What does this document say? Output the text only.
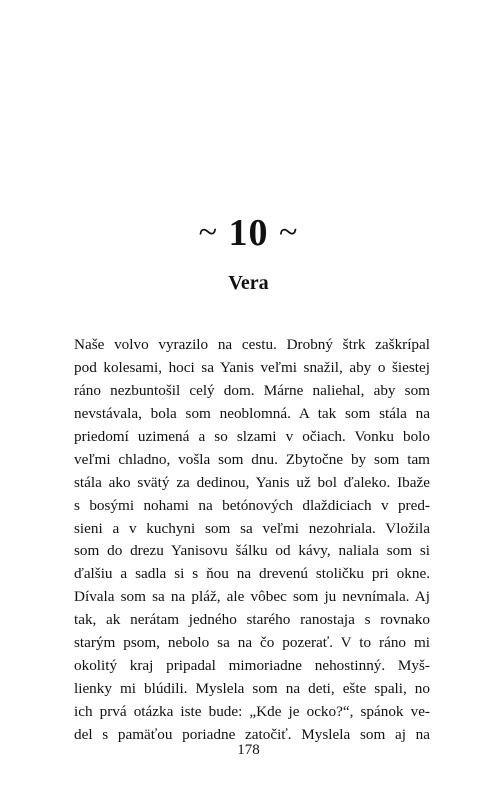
~ 10 ~
Vera
Naše volvo vyrazilo na cestu. Drobný štrk zaškrípal
pod kolesami, hoci sa Yanis veľmi snažil, aby o šiestej
ráno nezbuntošil celý dom. Márne naliehal, aby som
nevstávala, bola som neoblomná. A tak som stála na
priedomí uzimená a so slzami v očiach. Vonku bolo
veľmi chladno, vošla som dnu. Zbytočne by som tam
stála ako svätý za dedinou, Yanis už bol ďaleko. Ibaže
s bosými nohami na betónových dlaždiciach v pred-
sieni a v kuchyni som sa veľmi nezohriala. Vložila
som do drezu Yanisovu šálku od kávy, naliala som si
ďalšiu a sadla si s ňou na drevenú stoličku pri okne.
Dívala som sa na pláž, ale vôbec som ju nevnímala. Aj
tak, ak nerátam jedného starého ranostaja s rovnako
starým psom, nebolo sa na čo pozerať. V to ráno mi
okolitý kraj pripadal mimoriadne nehostinný. Myš-
lienky mi blúdili. Myslela som na deti, ešte spali, no
ich prvá otázka iste bude: „Kde je ocko?“, spánok ve-
del s pamäťou poriadne zatočiť. Myslela som aj na
178
